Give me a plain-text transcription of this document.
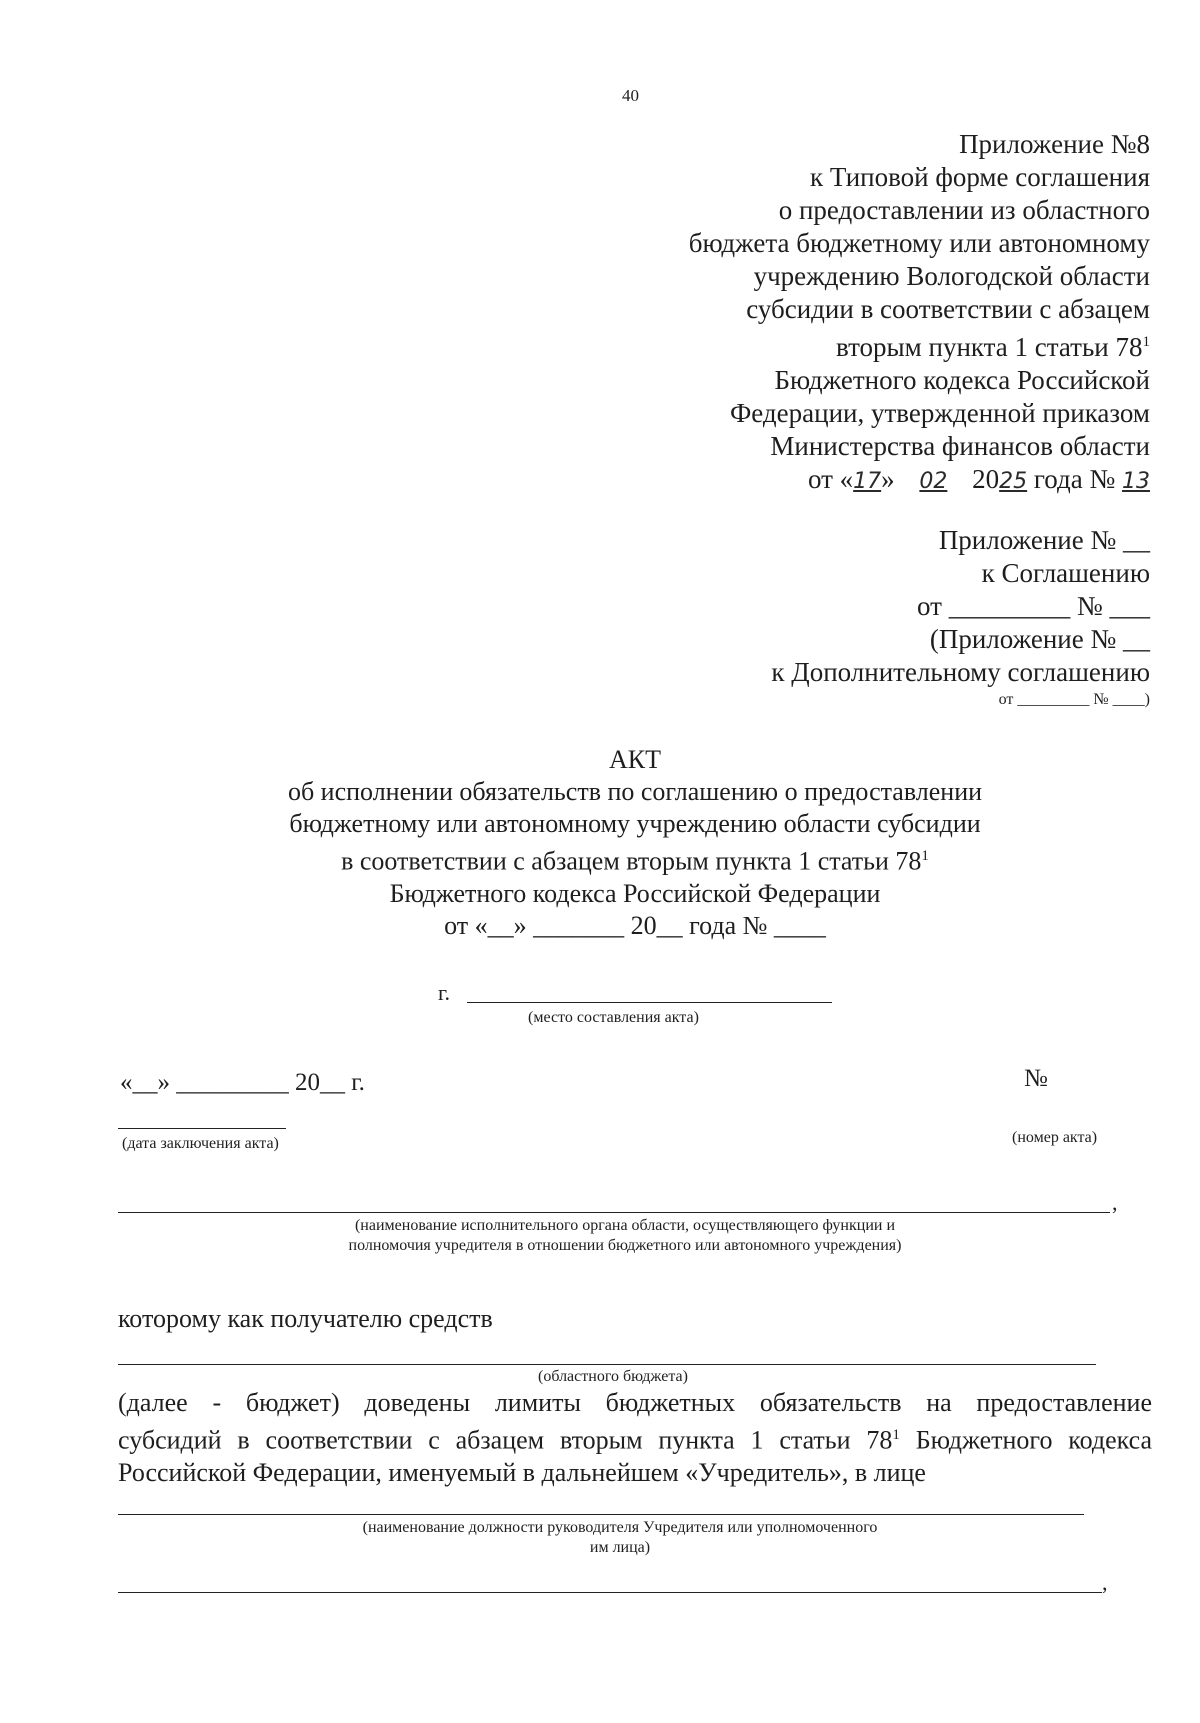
40
Приложение №8
к Типовой форме соглашения
о предоставлении из областного
бюджета бюджетному или автономному
учреждению Вологодской области
субсидии в соответствии с абзацем
вторым пункта 1 статьи $78^1$
Бюджетного кодекса Российской
Федерации, утвержденной приказом
Министерства финансов области
от «17» 02 2025 года № 13
Приложение № __
к Соглашению
от _________ № ___
(Приложение № __
к Дополнительному соглашению
от _________ № ____)
АКТ
об исполнении обязательств по соглашению о предоставлении
бюджетному или автономному учреждению области субсидии
в соответствии с абзацем вторым пункта 1 статьи $78^1$
Бюджетного кодекса Российской Федерации
от «__» _______ 20__ года № ____
г.
(место составления акта)
«__» _________ 20__ г.	№
(дата заключения акта)	(номер акта)
,
(наименование исполнительного органа области, осуществляющего функции и
полномочия учредителя в отношении бюджетного или автономного учреждения)
которому как получателю средств
(областного бюджета)
(далее - бюджет) доведены лимиты бюджетных обязательств на предоставление
субсидий в соответствии с абзацем вторым пункта 1 статьи $78^1$ Бюджетного кодекса
Российской Федерации, именуемый в дальнейшем «Учредитель», в лице
(наименование должности руководителя Учредителя или уполномоченного
им лица)
,
